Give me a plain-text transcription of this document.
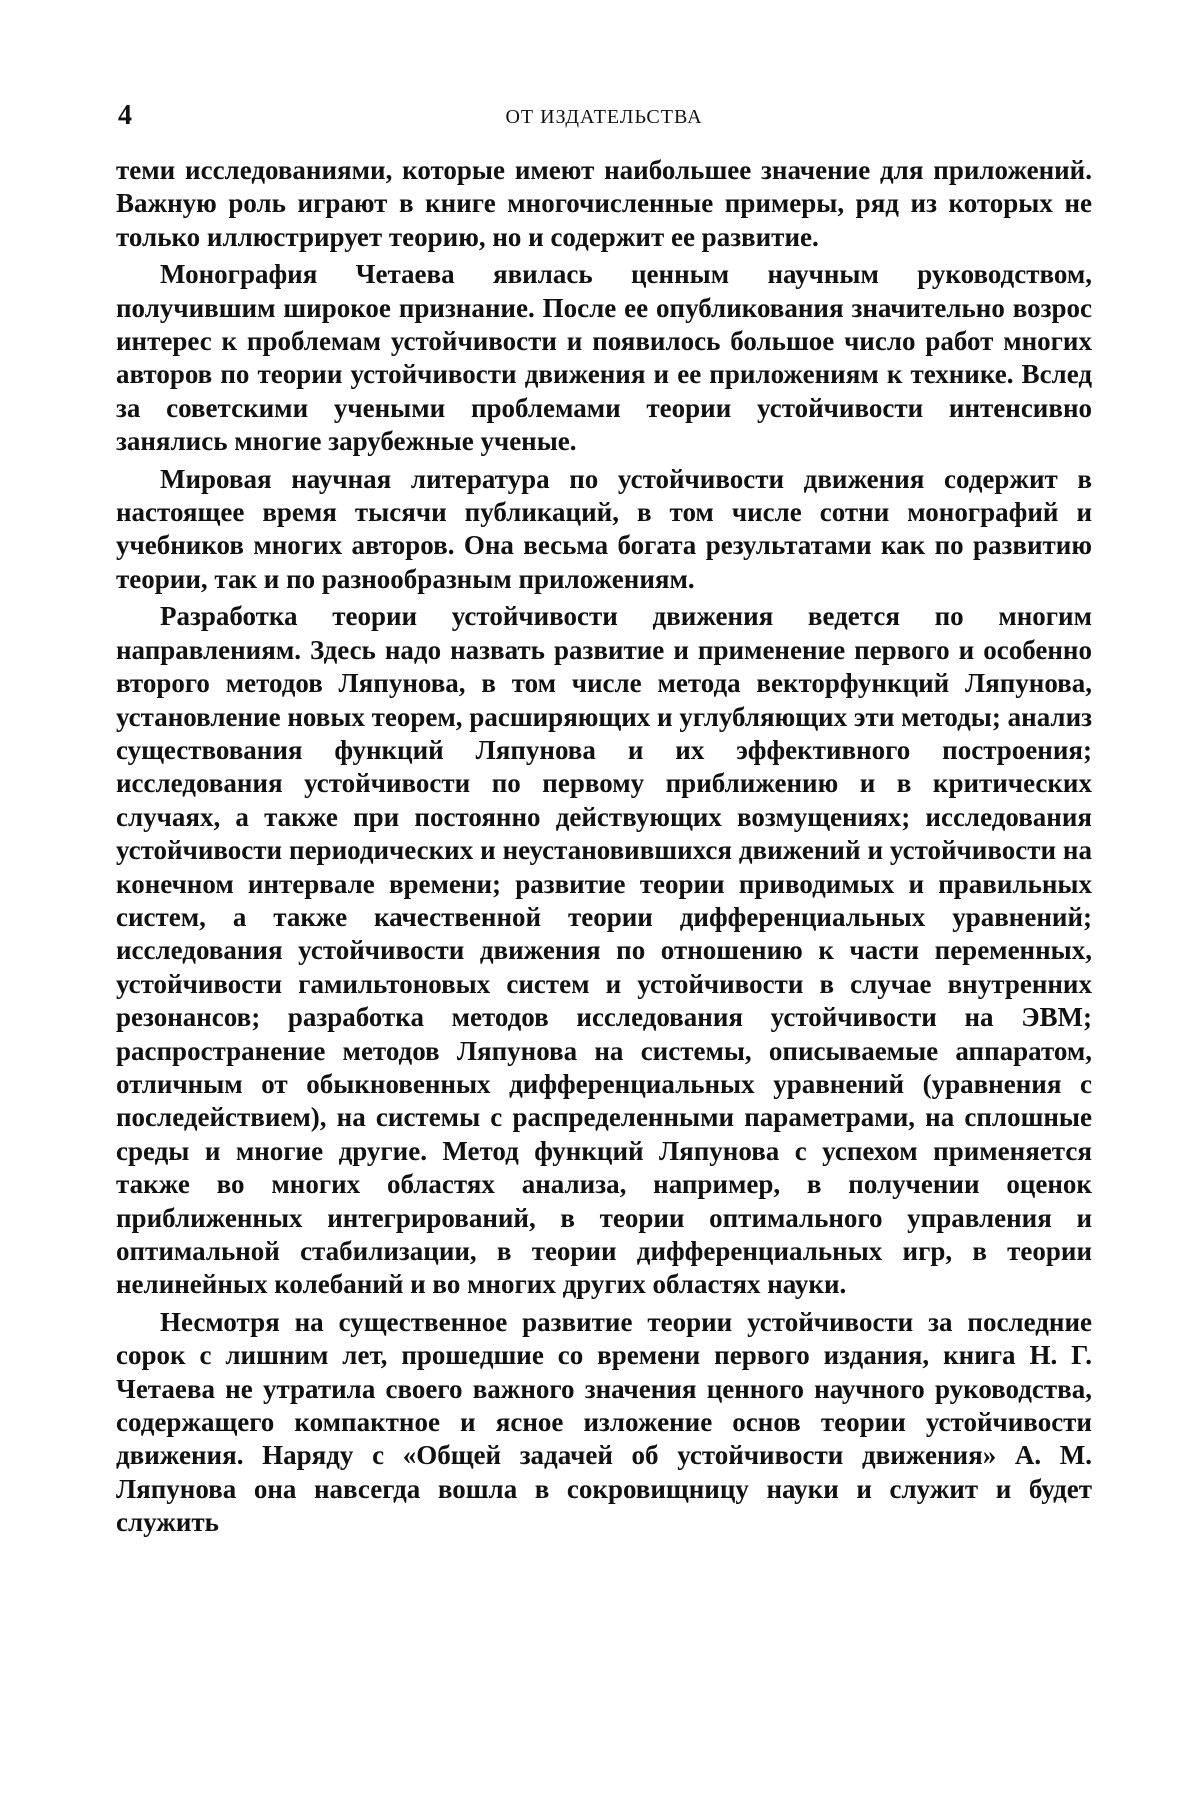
4	ОТ ИЗДАТЕЛЬСТВА

теми исследованиями, которые имеют наибольшее значение для приложений. Важную роль играют в книге многочисленные примеры, ряд из которых не только иллюстрирует теорию, но и содержит ее развитие.

Монография Четаева явилась ценным научным руководством, получившим широкое признание. После ее опубликования значительно возрос интерес к проблемам устойчивости и появилось большое число работ многих авторов по теории устойчивости движения и ее приложениям к технике. Вслед за советскими учеными проблемами теории устойчивости интенсивно занялись многие зарубежные ученые.

Мировая научная литература по устойчивости движения содержит в настоящее время тысячи публикаций, в том числе сотни монографий и учебников многих авторов. Она весьма богата результатами как по развитию теории, так и по разнообразным приложениям.

Разработка теории устойчивости движения ведется по многим направлениям. Здесь надо назвать развитие и применение первого и особенно второго методов Ляпунова, в том числе метода векторфункций Ляпунова, установление новых теорем, расширяющих и углубляющих эти методы; анализ существования функций Ляпунова и их эффективного построения; исследования устойчивости по первому приближению и в критических случаях, а также при постоянно действующих возмущениях; исследования устойчивости периодических и неустановившихся движений и устойчивости на конечном интервале времени; развитие теории приводимых и правильных систем, а также качественной теории дифференциальных уравнений; исследования устойчивости движения по отношению к части переменных, устойчивости гамильтоновых систем и устойчивости в случае внутренних резонансов; разработка методов исследования устойчивости на ЭВМ; распространение методов Ляпунова на системы, описываемые аппаратом, отличным от обыкновенных дифференциальных уравнений (уравнения с последействием), на системы с распределенными параметрами, на сплошные среды и многие другие. Метод функций Ляпунова с успехом применяется также во многих областях анализа, например, в получении оценок приближенных интегрирований, в теории оптимального управления и оптимальной стабилизации, в теории дифференциальных игр, в теории нелинейных колебаний и во многих других областях науки.

Несмотря на существенное развитие теории устойчивости за последние сорок с лишним лет, прошедшие со времени первого издания, книга Н. Г. Четаева не утратила своего важного значения ценного научного руководства, содержащего компактное и ясное изложение основ теории устойчивости движения. Наряду с «Общей задачей об устойчивости движения» А. М. Ляпунова она навсегда вошла в сокровищницу науки и служит и будет служить
